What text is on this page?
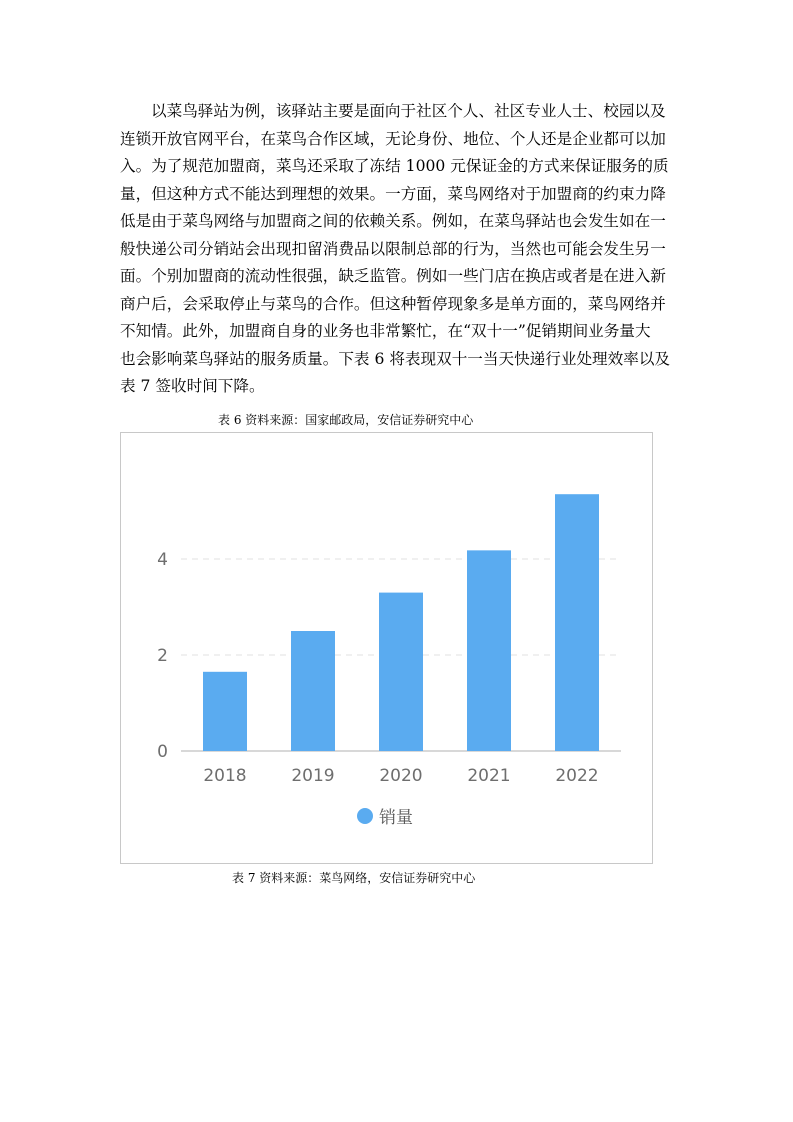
以菜鸟驿站为例，该驿站主要是面向于社区个人、社区专业人士、校园以及
连锁开放官网平台，在菜鸟合作区域，无论身份、地位、个人还是企业都可以加
入。为了规范加盟商，菜鸟还采取了冻结 1000 元保证金的方式来保证服务的质
量，但这种方式不能达到理想的效果。一方面，菜鸟网络对于加盟商的约束力降
低是由于菜鸟网络与加盟商之间的依赖关系。例如，在菜鸟驿站也会发生如在一
般快递公司分销站会出现扣留消费品以限制总部的行为，当然也可能会发生另一
面。个别加盟商的流动性很强，缺乏监管。例如一些门店在换店或者是在进入新
商户后，会采取停止与菜鸟的合作。但这种暂停现象多是单方面的，菜鸟网络并
不知情。此外，加盟商自身的业务也非常繁忙，在“双十一”促销期间业务量大
也会影响菜鸟驿站的服务质量。下表 6 将表现双十一当天快递行业处理效率以及
表 7 签收时间下降。
表 6 资料来源：国家邮政局，安信证券研究中心
0
2
4
2018	2019	2020	2021	2022
销量
表 7 资料来源：菜鸟网络，安信证券研究中心
